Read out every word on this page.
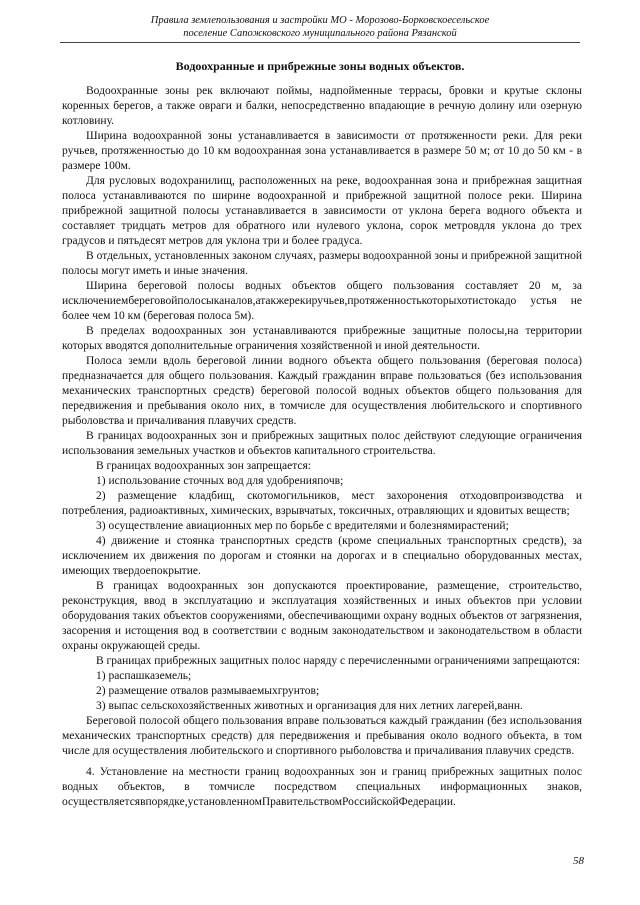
Правила землепользования и застройки МО - Морозово-Борковскоесельское
поселение Сапожковского муниципального района Рязанской
Водоохранные и прибрежные зоны водных объектов.

Водоохранные зоны рек включают поймы, надпойменные террасы, бровки и крутые склоны коренных берегов, а также овраги и балки, непосредственно впадающие в речную долину или озерную котловину.

Ширина водоохранной зоны устанавливается в зависимости от протяженности реки. Для реки ручьев, протяженностью до 10 км водоохранная зона устанавливается в размере 50 м; от 10 до 50 км - в размере 100м.

Для русловых водохранилищ, расположенных на реке, водоохранная зона и прибрежная защитная полоса устанавливаются по ширине водоохранной и прибрежной защитной полосе реки. Ширина прибрежной защитной полосы устанавливается в зависимости от уклона берега водного объекта и составляет тридцать метров для обратного или нулевого уклона, сорок метровдля уклона до трех градусов и пятьдесят метров для уклона три и более градуса.

В отдельных, установленных законом случаях, размеры водоохранной зоны и прибрежной защитной полосы могут иметь и иные значения.

Ширина береговой полосы водных объектов общего пользования составляет 20 м, за исключениембереговойполосыканалов,атакжерекиручьев,протяженностькоторыхотистокадо устья не более чем 10 км (береговая полоса 5м).

В пределах водоохранных зон устанавливаются прибрежные защитные полосы,на территории которых вводятся дополнительные ограничения хозяйственной и иной деятельности.

Полоса земли вдоль береговой линии водного объекта общего пользования (береговая полоса) предназначается для общего пользования. Каждый гражданин вправе пользоваться (без использования механических транспортных средств) береговой полосой водных объектов общего пользования для передвижения и пребывания около них, в томчисле для осуществления любительского и спортивного рыболовства и причаливания плавучих средств.

В границах водоохранных зон и прибрежных защитных полос действуют следующие ограничения использования земельных участков и объектов капитального строительства.

В границах водоохранных зон запрещается:

1) использование сточных вод для удобренияпочв;

2) размещение кладбищ, скотомогильников, мест захоронения отходовпроизводства и потребления, радиоактивных, химических, взрывчатых, токсичных, отравляющих и ядовитых веществ;

3) осуществление авиационных мер по борьбе с вредителями и болезнямирастений;

4) движение и стоянка транспортных средств (кроме специальных транспортных средств), за исключением их движения по дорогам и стоянки на дорогах и в специально оборудованных местах, имеющих твердоепокрытие.

В границах водоохранных зон допускаются проектирование, размещение, строительство, реконструкция, ввод в эксплуатацию и эксплуатация хозяйственных и иных объектов при условии оборудования таких объектов сооружениями, обеспечивающими охрану водных объектов от загрязнения, засорения и истощения вод в соответствии с водным законодательством и законодательством в области охраны окружающей среды.

В границах прибрежных защитных полос наряду с перечисленными ограничениями запрещаются:

1) распашказемель;

2) размещение отвалов размываемыхгрунтов;

3) выпас сельскохозяйственных животных и организация для них летних лагерей,ванн.

Береговой полосой общего пользования вправе пользоваться каждый гражданин (без использования механических транспортных средств) для передвижения и пребывания около водного объекта, в том числе для осуществления любительского и спортивного рыболовства и причаливания плавучих средств.

4. Установление на местности границ водоохранных зон и границ прибрежных защитных полос водных объектов, в томчисле посредством специальных информационных знаков, осуществляетсявпорядке,установленномПравительствомРоссийскойФедерации.

58
